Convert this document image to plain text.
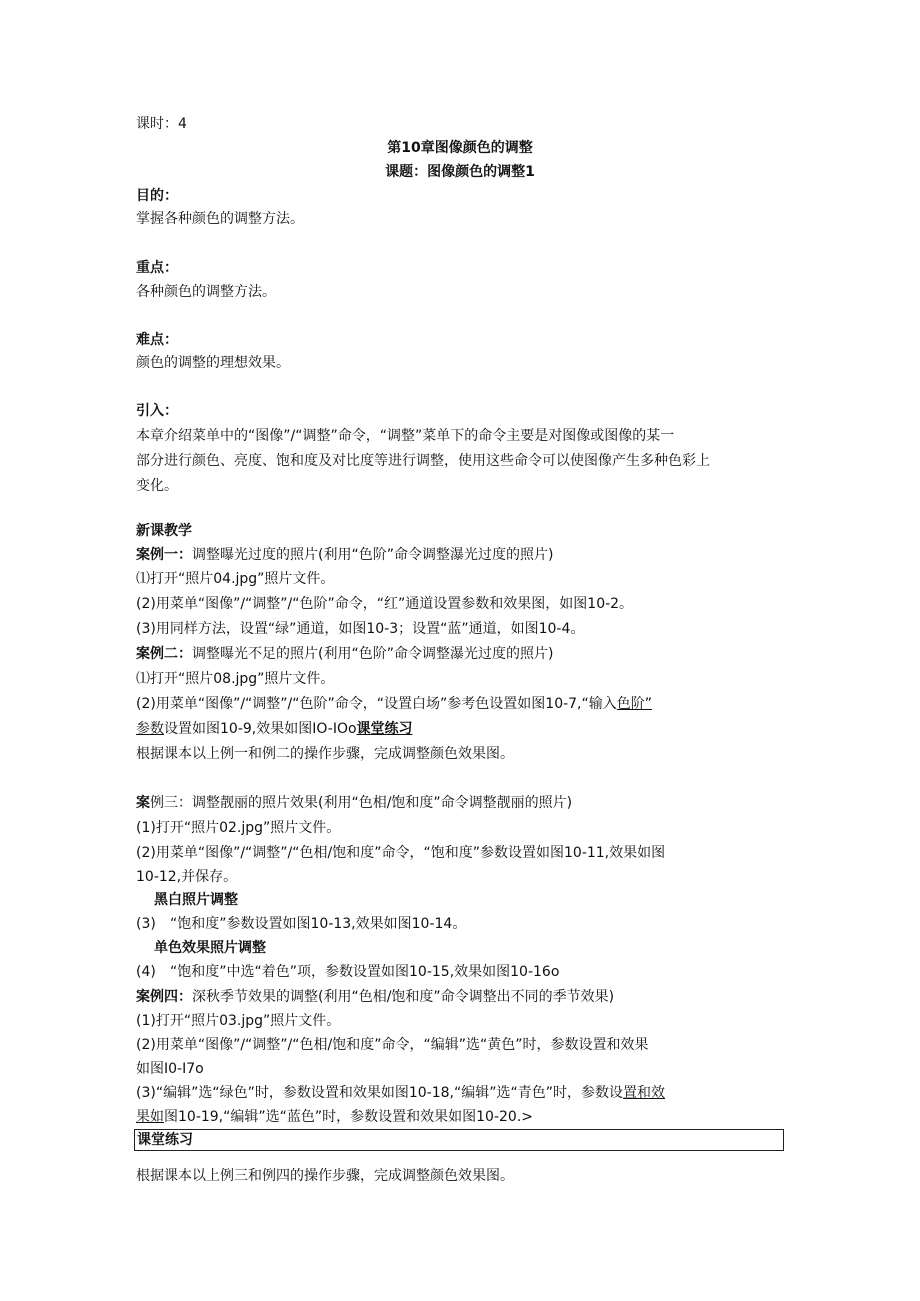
课时：4
第10章图像颜色的调整
课题：图像颜色的调整1
目的：
掌握各种颜色的调整方法。
重点：
各种颜色的调整方法。
难点：
颜色的调整的理想效果。
引入：
本章介绍菜单中的“图像”/“调整”命令，“调整”菜单下的命令主要是对图像或图像的某一
部分进行颜色、亮度、饱和度及对比度等进行调整，使用这些命令可以使图像产生多种色彩上
变化。
新课教学
案例一：调整曝光过度的照片(利用“色阶”命令调整瀑光过度的照片)
⑴打开“照片04.jpg”照片文件。
(2)用菜单“图像”/“调整”/“色阶”命令，“红”通道设置参数和效果图，如图10-2。
(3)用同样方法，设置“绿”通道，如图10-3；设置“蓝”通道，如图10-4。
案例二：调整曝光不足的照片(利用“色阶”命令调整瀑光过度的照片)
⑴打开“照片08.jpg”照片文件。
(2)用菜单“图像”/“调整”/“色阶”命令，“设置白场”参考色设置如图10-7,“输入色阶”
参数设置如图10-9,效果如图IO-IOo课堂练习
根据课本以上例一和例二的操作步骤，完成调整颜色效果图。
案例三：调整靓丽的照片效果(利用“色相/饱和度”命令调整靓丽的照片)
(1)打开“照片02.jpg”照片文件。
(2)用菜单“图像”/“调整”/“色相/饱和度”命令，“饱和度”参数设置如图10-11,效果如图
10-12,并保存。
黑白照片调整
(3) “饱和度”参数设置如图10-13,效果如图10-14。
单色效果照片调整
(4) “饱和度”中选“着色”项，参数设置如图10-15,效果如图10-16o
案例四：深秋季节效果的调整(利用“色相/饱和度”命令调整出不同的季节效果)
(1)打开“照片03.jpg”照片文件。
(2)用菜单“图像”/“调整”/“色相/饱和度”命令，“编辑”选“黄色”时，参数设置和效果
如图I0-I7o
(3)“编辑”选“绿色”时，参数设置和效果如图10-18,“编辑”选“青色”时，参数设置和效
果如图10-19,“编辑”选“蓝色”时，参数设置和效果如图10-20.>
课堂练习
根据课本以上例三和例四的操作步骤，完成调整颜色效果图。
